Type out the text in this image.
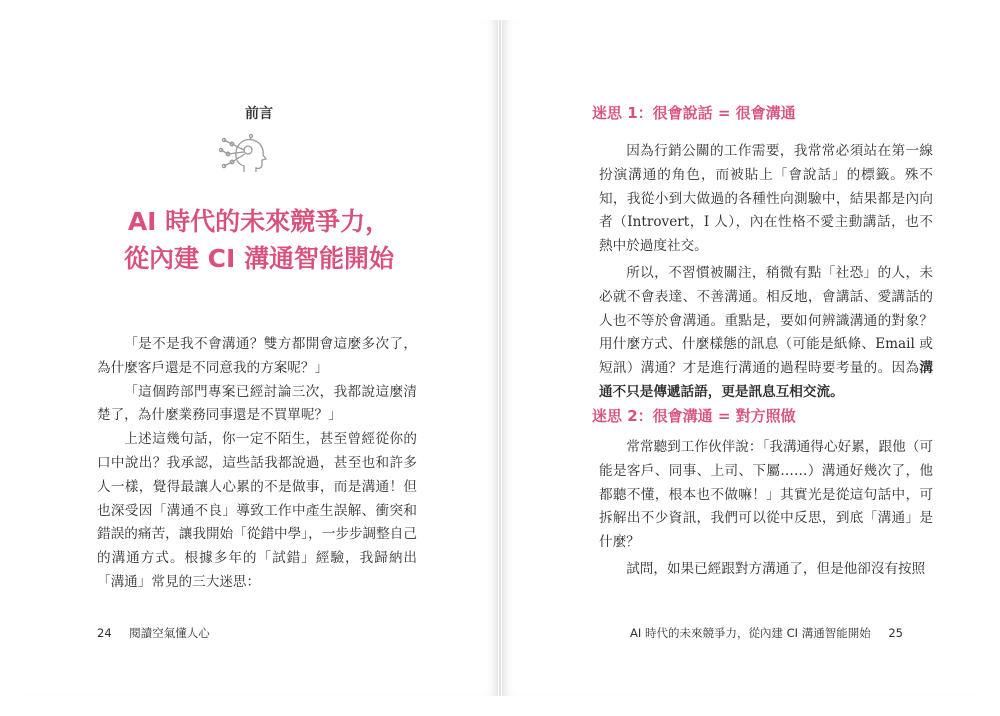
前言
AI 時代的未來競爭力，
從內建 CI 溝通智能開始

「是不是我不會溝通？雙方都開會這麼多次了，為什麼客戶還是不同意我的方案呢？」

「這個跨部門專案已經討論三次，我都說這麼清楚了，為什麼業務同事還是不買單呢？」

上述這幾句話，你一定不陌生，甚至曾經從你的口中說出？我承認，這些話我都說過，甚至也和許多人一樣，覺得最讓人心累的不是做事，而是溝通！但也深受因「溝通不良」導致工作中產生誤解、衝突和錯誤的痛苦，讓我開始「從錯中學」，一步步調整自己的溝通方式。根據多年的「試錯」經驗，我歸納出「溝通」常見的三大迷思：

24 閱讀空氣懂人心
迷思 1：很會說話 = 很會溝通

因為行銷公關的工作需要，我常常必須站在第一線扮演溝通的角色，而被貼上「會說話」的標籤。殊不知，我從小到大做過的各種性向測驗中，結果都是內向者（Introvert，I 人），內在性格不愛主動講話，也不熱中於過度社交。

所以，不習慣被關注，稍微有點「社恐」的人，未必就不會表達、不善溝通。相反地，會講話、愛講話的人也不等於會溝通。重點是，要如何辨識溝通的對象？用什麼方式、什麼樣態的訊息（可能是紙條、Email 或短訊）溝通？才是進行溝通的過程時要考量的。因為溝通不只是傳遞話語，更是訊息互相交流。

迷思 2：很會溝通 = 對方照做

常常聽到工作伙伴說：「我溝通得心好累，跟他（可能是客戶、同事、上司、下屬……）溝通好幾次了，他都聽不懂，根本也不做嘛！」其實光是從這句話中，可拆解出不少資訊，我們可以從中反思，到底「溝通」是什麼？

試問，如果已經跟對方溝通了，但是他卻沒有按照

AI 時代的未來競爭力，從內建 CI 溝通智能開始 25
